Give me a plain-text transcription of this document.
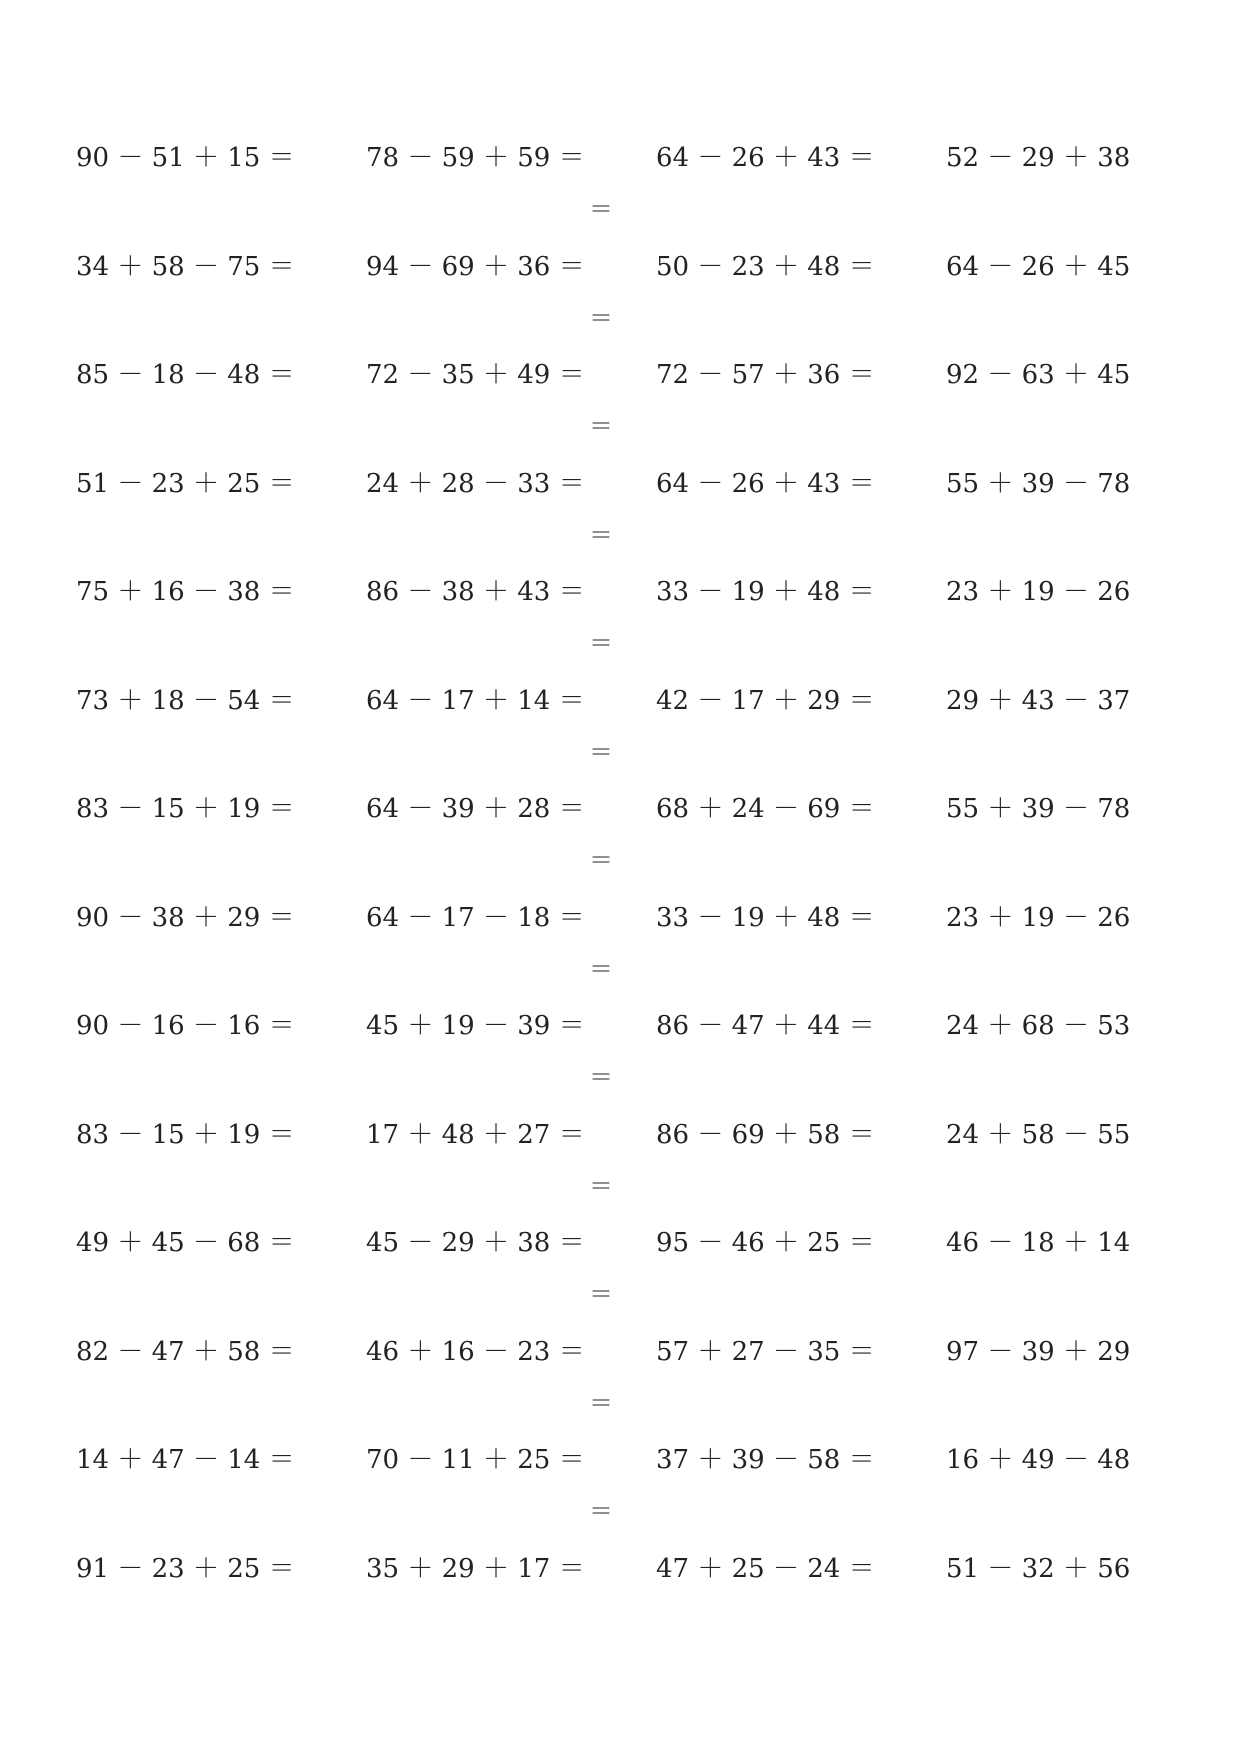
90 － 51 ＋ 15 ＝	78 － 59 ＋ 59 ＝	64 － 26 ＋ 43 ＝	52 － 29 ＋ 38
＝
34 ＋ 58 － 75 ＝	94 － 69 ＋ 36 ＝	50 － 23 ＋ 48 ＝	64 － 26 ＋ 45
＝
85 － 18 － 48 ＝	72 － 35 ＋ 49 ＝	72 － 57 ＋ 36 ＝	92 － 63 ＋ 45
＝
51 － 23 ＋ 25 ＝	24 ＋ 28 － 33 ＝	64 － 26 ＋ 43 ＝	55 ＋ 39 － 78
＝
75 ＋ 16 － 38 ＝	86 － 38 ＋ 43 ＝	33 － 19 ＋ 48 ＝	23 ＋ 19 － 26
＝
73 ＋ 18 － 54 ＝	64 － 17 ＋ 14 ＝	42 － 17 ＋ 29 ＝	29 ＋ 43 － 37
＝
83 － 15 ＋ 19 ＝	64 － 39 ＋ 28 ＝	68 ＋ 24 － 69 ＝	55 ＋ 39 － 78
＝
90 － 38 ＋ 29 ＝	64 － 17 － 18 ＝	33 － 19 ＋ 48 ＝	23 ＋ 19 － 26
＝
90 － 16 － 16 ＝	45 ＋ 19 － 39 ＝	86 － 47 ＋ 44 ＝	24 ＋ 68 － 53
＝
83 － 15 ＋ 19 ＝	17 ＋ 48 ＋ 27 ＝	86 － 69 ＋ 58 ＝	24 ＋ 58 － 55
＝
49 ＋ 45 － 68 ＝	45 － 29 ＋ 38 ＝	95 － 46 ＋ 25 ＝	46 － 18 ＋ 14
＝
82 － 47 ＋ 58 ＝	46 ＋ 16 － 23 ＝	57 ＋ 27 － 35 ＝	97 － 39 ＋ 29
＝
14 ＋ 47 － 14 ＝	70 － 11 ＋ 25 ＝	37 ＋ 39 － 58 ＝	16 ＋ 49 － 48
＝
91 － 23 ＋ 25 ＝	35 ＋ 29 ＋ 17 ＝	47 ＋ 25 － 24 ＝	51 － 32 ＋ 56
